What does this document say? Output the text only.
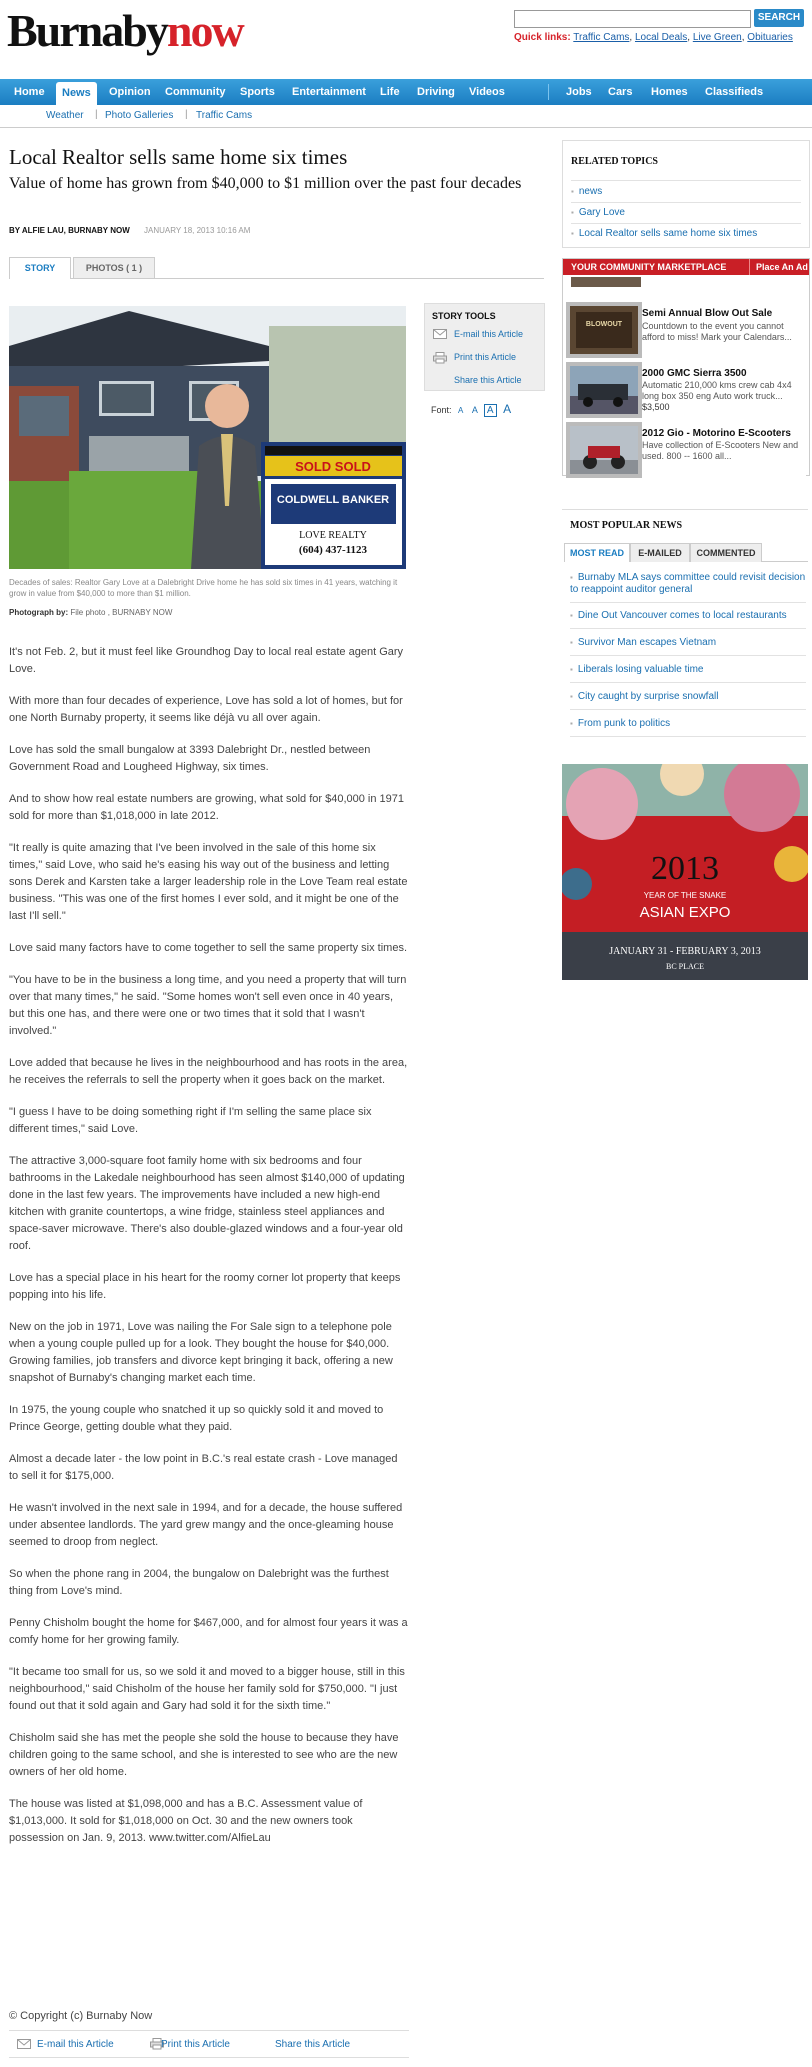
Burnabynow	SEARCH
Quick links: Traffic Cams, Local Deals, Live Green, Obituaries
Home	News	Opinion Community Sports Entertainment Life Driving Videos	Jobs Cars Homes Classifieds
Weather | Photo Galleries | Traffic Cams
Local Realtor sells same home six times
Value of home has grown from $40,000 to $1 million over the past four decades
BY ALFIE LAU, BURNABY NOW JANUARY 18, 2013 10:16 AM
STORY	PHOTOS ( 1 )
SOLD SOLD
COLDWELL BANKER
LOVE REALTY
(604) 437-1123
Decades of sales: Realtor Gary Love at a Dalebright Drive home he has sold six times in 41 years, watching it grow in value from $40,000 to more than $1 million.
Photograph by: File photo , BURNABY NOW
STORY TOOLS
E-mail this Article
Print this Article
Share this Article
Font: A A A A

It's not Feb. 2, but it must feel like Groundhog Day to local real estate agent Gary Love.

With more than four decades of experience, Love has sold a lot of homes, but for one North Burnaby property, it seems like déjà vu all over again.

Love has sold the small bungalow at 3393 Dalebright Dr., nestled between Government Road and Lougheed Highway, six times.

And to show how real estate numbers are growing, what sold for $40,000 in 1971 sold for more than $1,018,000 in late 2012.

"It really is quite amazing that I've been involved in the sale of this home six times," said Love, who said he's easing his way out of the business and letting sons Derek and Karsten take a larger leadership role in the Love Team real estate business. "This was one of the first homes I ever sold, and it might be one of the last I'll sell."

Love said many factors have to come together to sell the same property six times.

"You have to be in the business a long time, and you need a property that will turn over that many times," he said. "Some homes won't sell even once in 40 years, but this one has, and there were one or two times that it sold that I wasn't involved."

Love added that because he lives in the neighbourhood and has roots in the area, he receives the referrals to sell the property when it goes back on the market.

"I guess I have to be doing something right if I'm selling the same place six different times," said Love.

The attractive 3,000-square foot family home with six bedrooms and four bathrooms in the Lakedale neighbourhood has seen almost $140,000 of updating done in the last few years. The improvements have included a new high-end kitchen with granite countertops, a wine fridge, stainless steel appliances and space-saver microwave. There's also double-glazed windows and a four-year old roof.

Love has a special place in his heart for the roomy corner lot property that keeps popping into his life.

New on the job in 1971, Love was nailing the For Sale sign to a telephone pole when a young couple pulled up for a look. They bought the house for $40,000. Growing families, job transfers and divorce kept bringing it back, offering a new snapshot of Burnaby's changing market each time.

In 1975, the young couple who snatched it up so quickly sold it and moved to Prince George, getting double what they paid.

Almost a decade later - the low point in B.C.'s real estate crash - Love managed to sell it for $175,000.

He wasn't involved in the next sale in 1994, and for a decade, the house suffered under absentee landlords. The yard grew mangy and the once-gleaming house seemed to droop from neglect.

So when the phone rang in 2004, the bungalow on Dalebright was the furthest thing from Love's mind.

Penny Chisholm bought the home for $467,000, and for almost four years it was a comfy home for her growing family.

"It became too small for us, so we sold it and moved to a bigger house, still in this neighbourhood," said Chisholm of the house her family sold for $750,000. "I just found out that it sold again and Gary had sold it for the sixth time."

Chisholm said she has met the people she sold the house to because they have children going to the same school, and she is interested to see who are the new owners of her old home.

The house was listed at $1,098,000 and has a B.C. Assessment value of $1,013,000. It sold for $1,018,000 on Oct. 30 and the new owners took possession on Jan. 9, 2013. www.twitter.com/AlfieLau

© Copyright (c) Burnaby Now
E-mail this Article	Print this Article	Share this Article
RELATED TOPICS
▪ news
▪ Gary Love
▪ Local Realtor sells same home six times
YOUR COMMUNITY MARKETPLACE	Place An Ad
BLOWOUT
Semi Annual Blow Out Sale
Countdown to the event you cannot afford to miss! Mark your Calendars...
2000 GMC Sierra 3500
Automatic 210,000 kms crew cab 4x4 long box 350 eng Auto work truck...
$3,500
2012 Gio - Motorino E-Scooters
Have collection of E-Scooters New and used. 800 -- 1600 all...
MOST POPULAR NEWS
MOST READ	E-MAILED	COMMENTED
▪ Burnaby MLA says committee could revisit decision to reappoint auditor general
▪ Dine Out Vancouver comes to local restaurants
▪ Survivor Man escapes Vietnam
▪ Liberals losing valuable time
▪ City caught by surprise snowfall
▪ From punk to politics
2013
YEAR OF THE SNAKE
ASIAN EXPO
JANUARY 31 - FEBRUARY 3, 2013
BC PLACE
